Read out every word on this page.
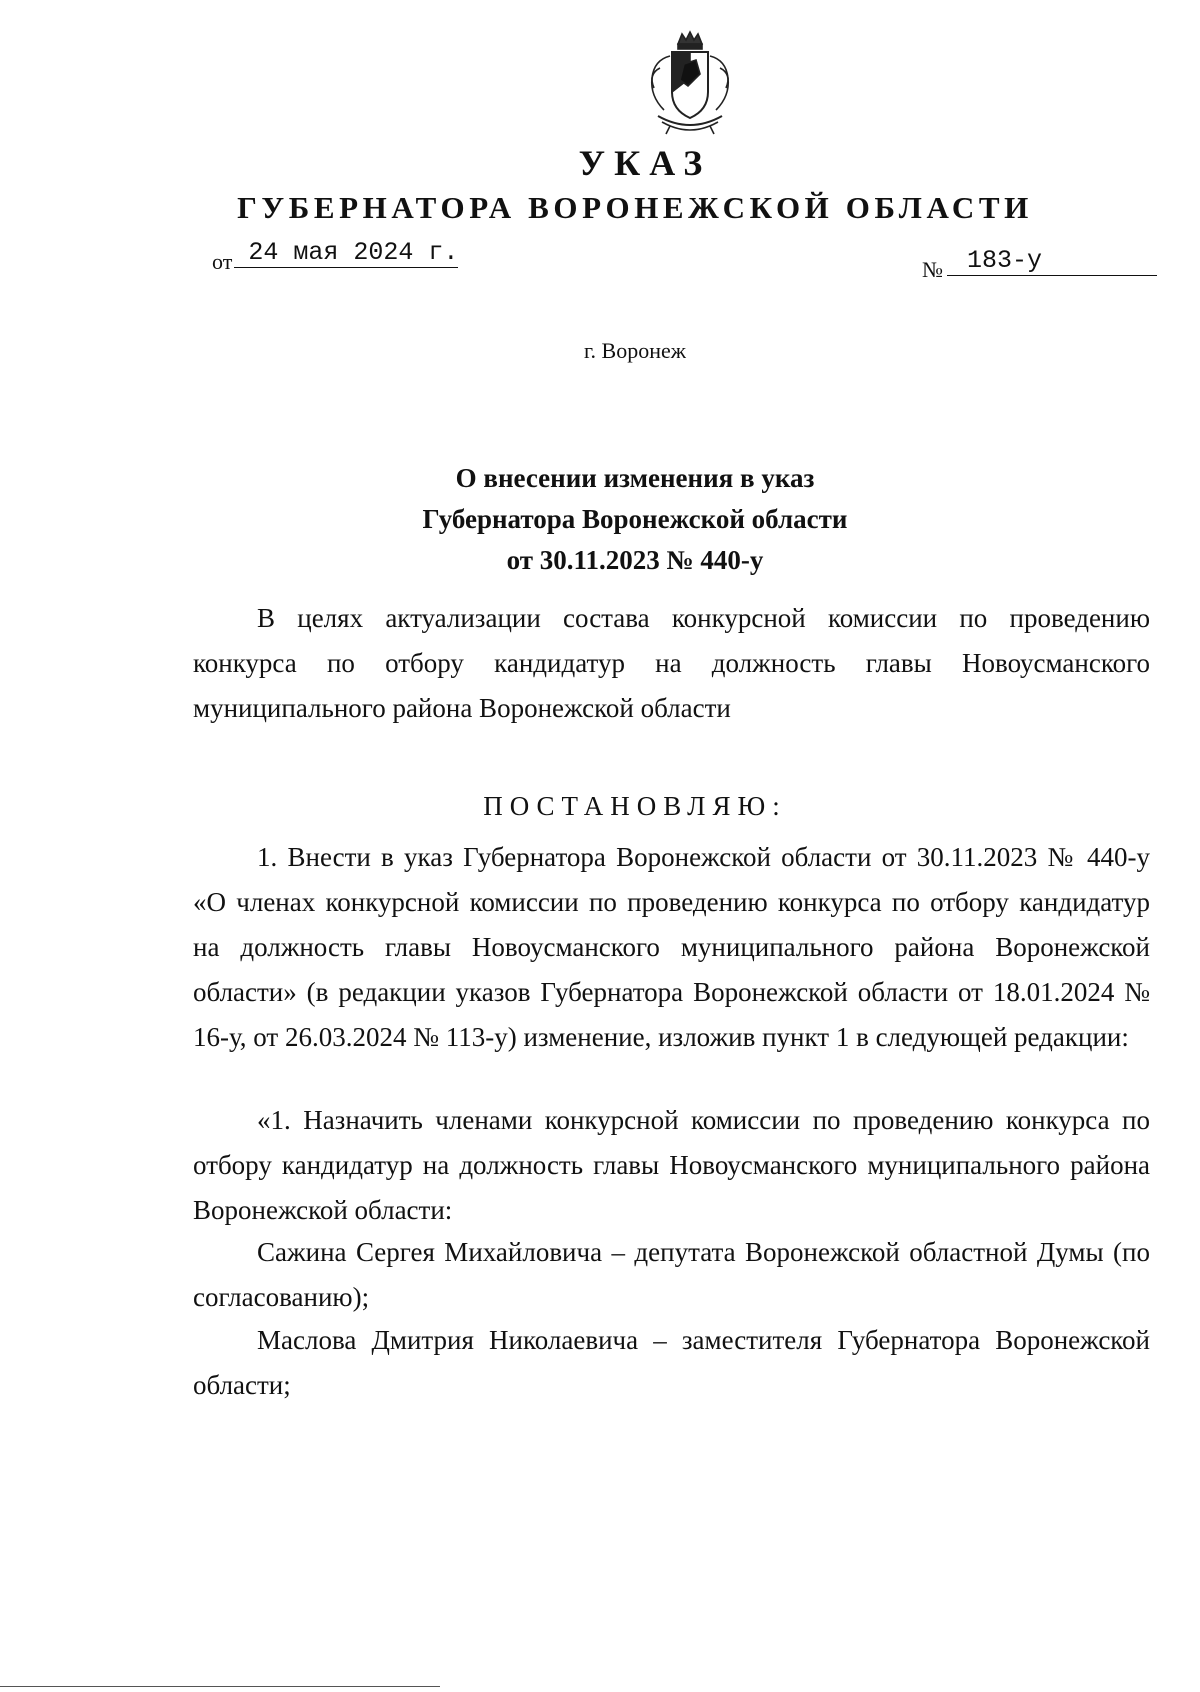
УКАЗ
ГУБЕРНАТОРА ВОРОНЕЖСКОЙ ОБЛАСТИ
от 24 мая 2024 г.
№ 183-у
г. Воронеж
О внесении изменения в указ
Губернатора Воронежской области
от 30.11.2023 № 440-у

В целях актуализации состава конкурсной комиссии по проведению конкурса по отбору кандидатур на должность главы Новоусманского муниципального района Воронежской области

ПОСТАНОВЛЯЮ:

1. Внести в указ Губернатора Воронежской области от 30.11.2023 № 440-у «О членах конкурсной комиссии по проведению конкурса по отбору кандидатур на должность главы Новоусманского муниципального района Воронежской области» (в редакции указов Губернатора Воронежской области от 18.01.2024 № 16-у, от 26.03.2024 № 113-у) изменение, изложив пункт 1 в следующей редакции:

«1. Назначить членами конкурсной комиссии по проведению конкурса по отбору кандидатур на должность главы Новоусманского муниципального района Воронежской области:

Сажина Сергея Михайловича – депутата Воронежской областной Думы (по согласованию);

Маслова Дмитрия Николаевича – заместителя Губернатора Воронежской области;
